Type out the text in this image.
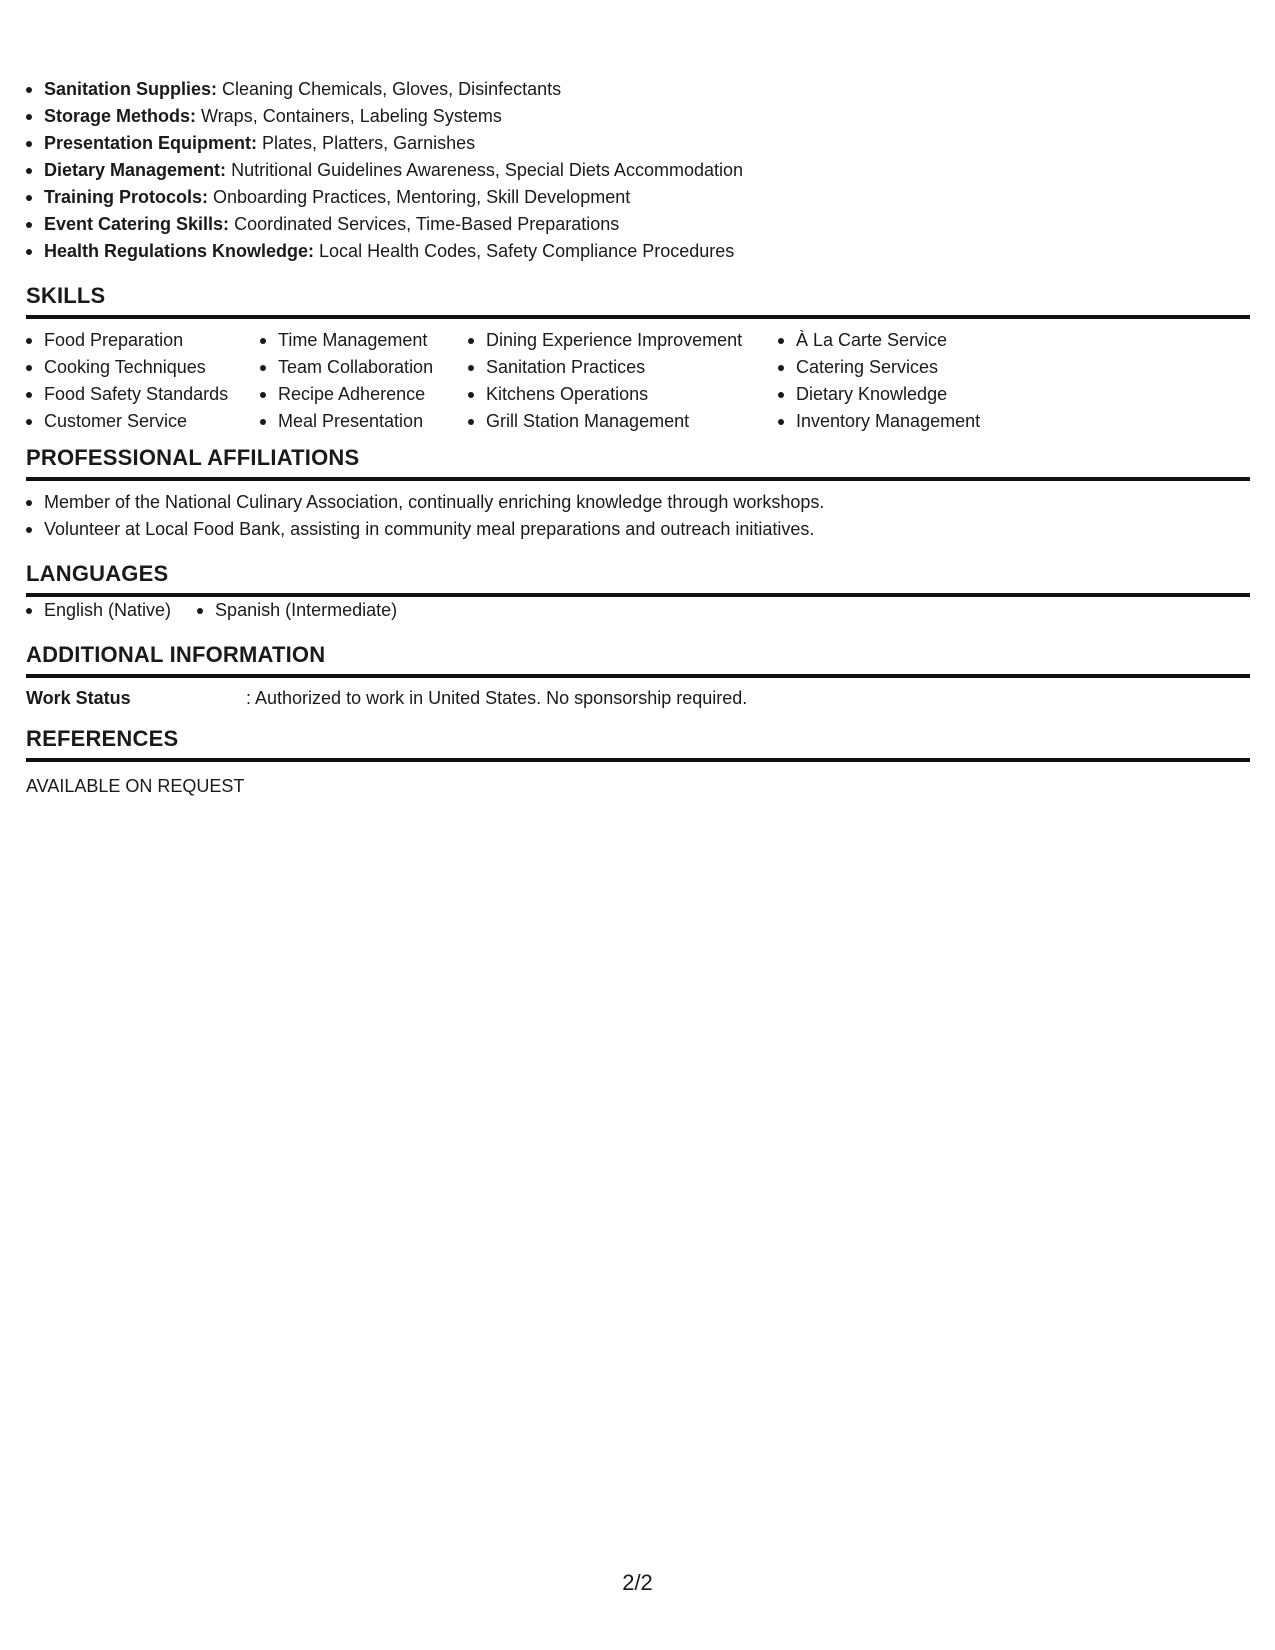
Sanitation Supplies: Cleaning Chemicals, Gloves, Disinfectants
Storage Methods: Wraps, Containers, Labeling Systems
Presentation Equipment: Plates, Platters, Garnishes
Dietary Management: Nutritional Guidelines Awareness, Special Diets Accommodation
Training Protocols: Onboarding Practices, Mentoring, Skill Development
Event Catering Skills: Coordinated Services, Time-Based Preparations
Health Regulations Knowledge: Local Health Codes, Safety Compliance Procedures
SKILLS
Food Preparation
Cooking Techniques
Food Safety Standards
Customer Service
Time Management
Team Collaboration
Recipe Adherence
Meal Presentation
Dining Experience Improvement
Sanitation Practices
Kitchens Operations
Grill Station Management
À La Carte Service
Catering Services
Dietary Knowledge
Inventory Management
PROFESSIONAL AFFILIATIONS
Member of the National Culinary Association, continually enriching knowledge through workshops.
Volunteer at Local Food Bank, assisting in community meal preparations and outreach initiatives.
LANGUAGES
English (Native)	Spanish (Intermediate)
ADDITIONAL INFORMATION
Work Status	: Authorized to work in United States. No sponsorship required.
REFERENCES
AVAILABLE ON REQUEST
2/2
